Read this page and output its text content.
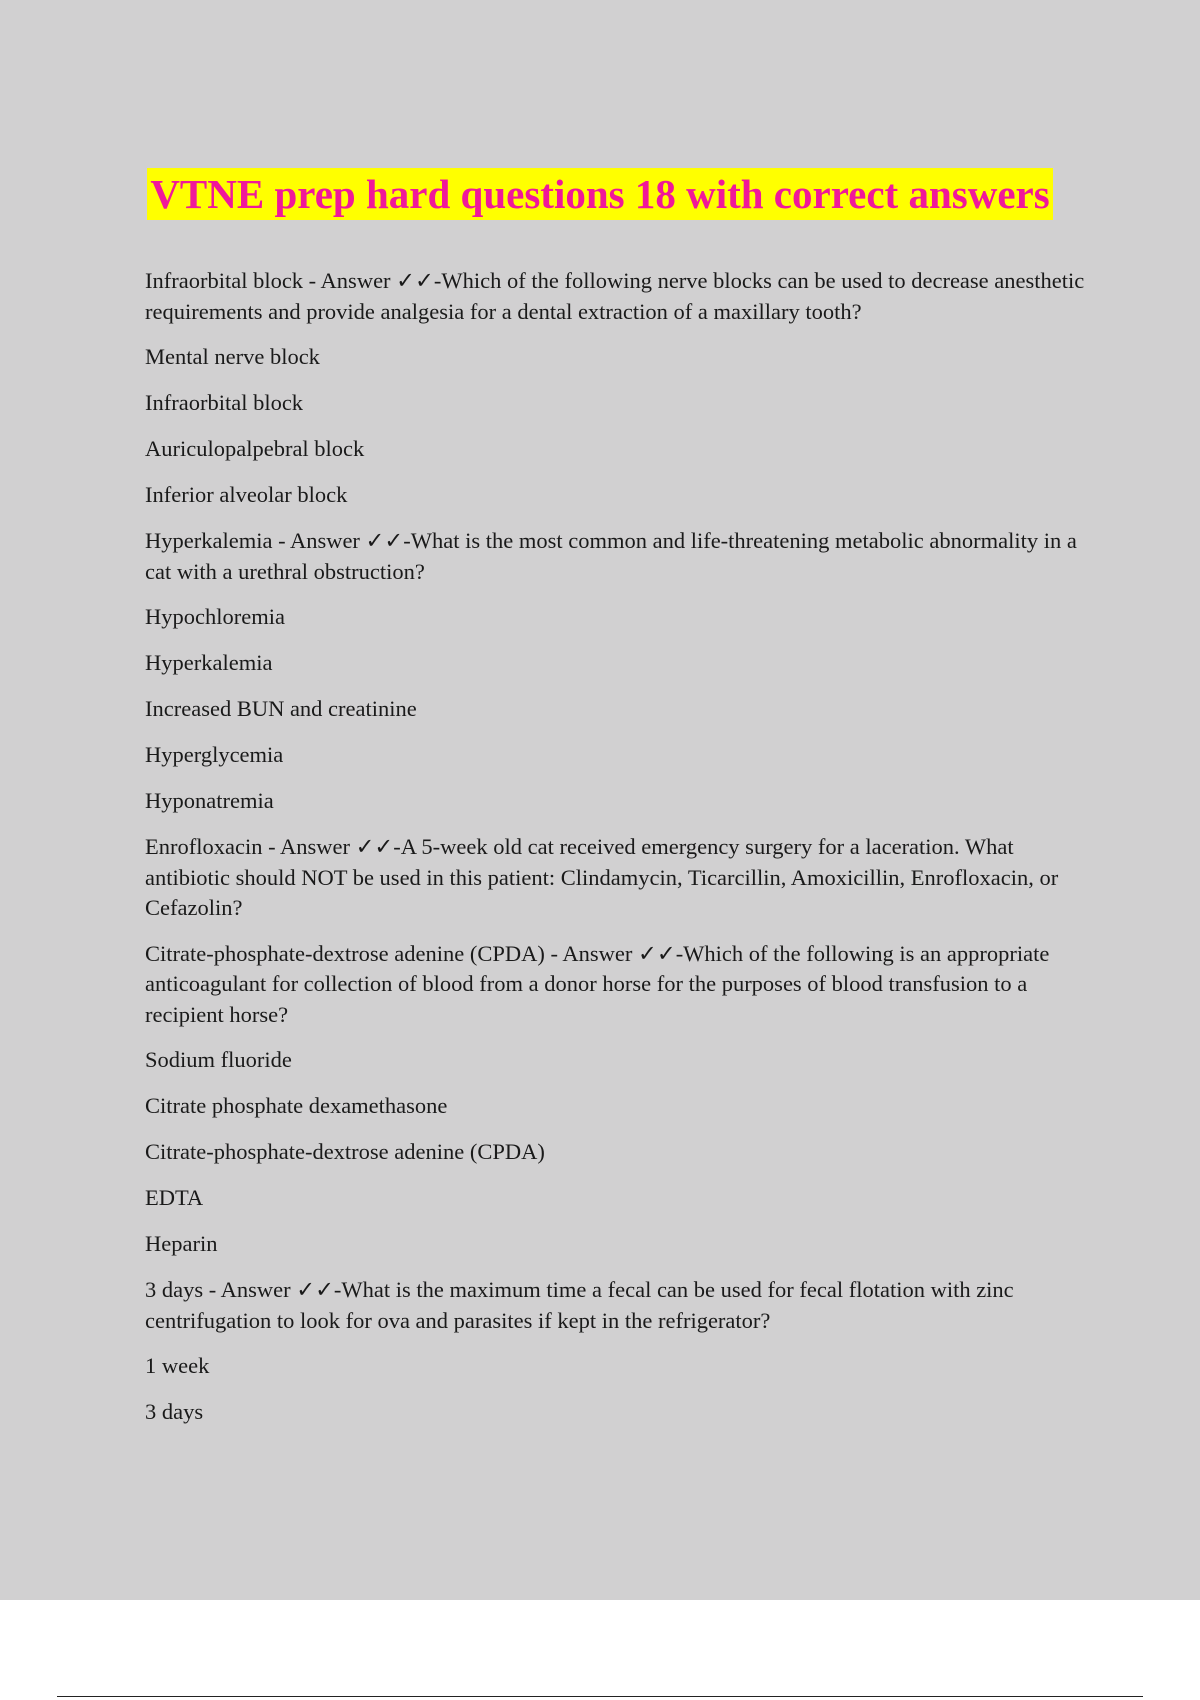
VTNE prep hard questions 18 with correct answers

Infraorbital block - Answer ✓✓-Which of the following nerve blocks can be used to decrease anesthetic requirements and provide analgesia for a dental extraction of a maxillary tooth?

Mental nerve block

Infraorbital block

Auriculopalpebral block

Inferior alveolar block

Hyperkalemia - Answer ✓✓-What is the most common and life-threatening metabolic abnormality in a cat with a urethral obstruction?

Hypochloremia

Hyperkalemia

Increased BUN and creatinine

Hyperglycemia

Hyponatremia

Enrofloxacin - Answer ✓✓-A 5-week old cat received emergency surgery for a laceration. What antibiotic should NOT be used in this patient: Clindamycin, Ticarcillin, Amoxicillin, Enrofloxacin, or Cefazolin?

Citrate-phosphate-dextrose adenine (CPDA) - Answer ✓✓-Which of the following is an appropriate anticoagulant for collection of blood from a donor horse for the purposes of blood transfusion to a recipient horse?

Sodium fluoride

Citrate phosphate dexamethasone

Citrate-phosphate-dextrose adenine (CPDA)

EDTA

Heparin

3 days - Answer ✓✓-What is the maximum time a fecal can be used for fecal flotation with zinc centrifugation to look for ova and parasites if kept in the refrigerator?

1 week

3 days
